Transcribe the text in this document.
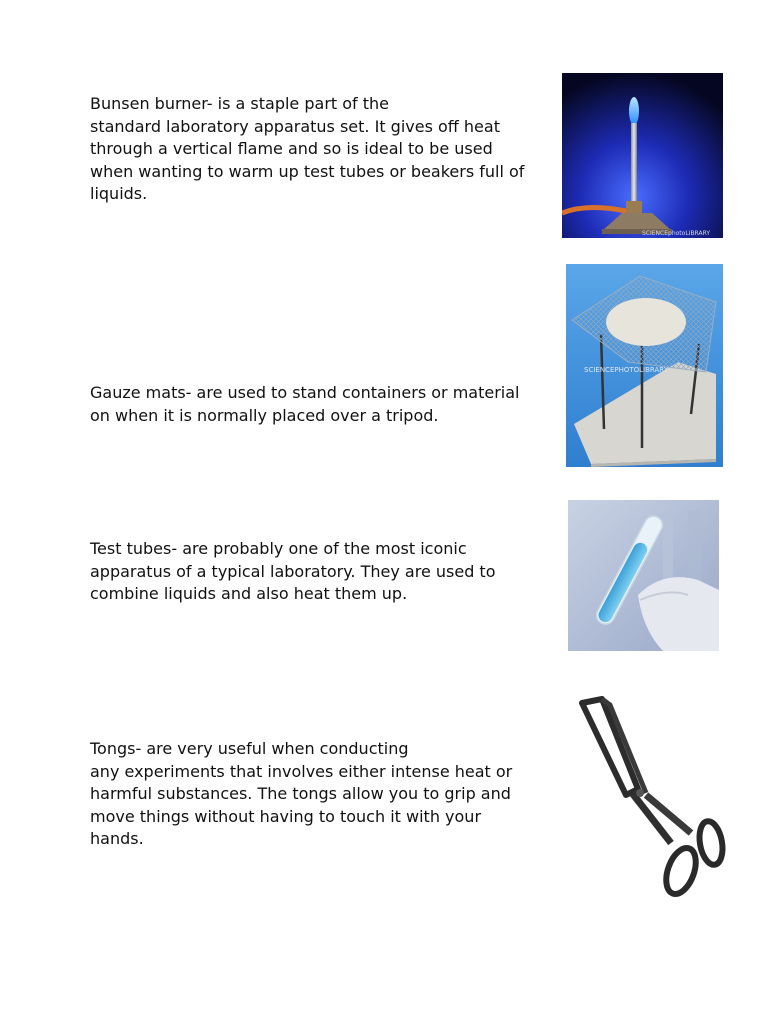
Bunsen burner- is a staple part of the
standard laboratory apparatus set. It gives off heat
through a vertical flame and so is ideal to be used
when wanting to warm up test tubes or beakers full of
liquids.

SCIENCEphotoLIBRARY

Gauze mats- are used to stand containers or material
on when it is normally placed over a tripod.

SCIENCEPHOTOLIBRARY

Test tubes- are probably one of the most iconic
apparatus of a typical laboratory. They are used to
combine liquids and also heat them up.

Tongs- are very useful when conducting
any experiments that involves either intense heat or
harmful substances. The tongs allow you to grip and
move things without having to touch it with your
hands.
